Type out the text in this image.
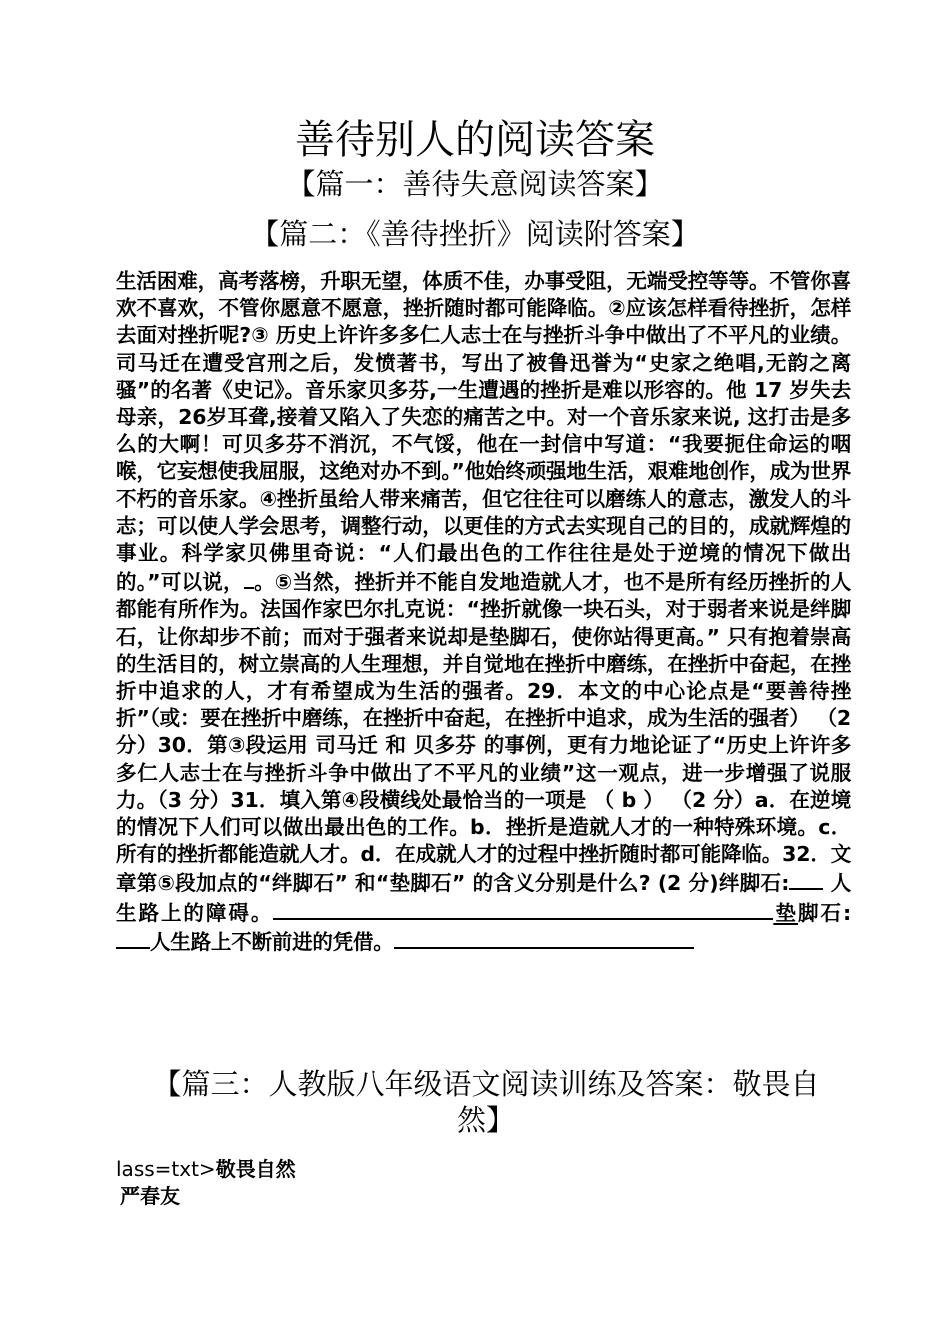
善待别人的阅读答案
【篇一：善待失意阅读答案】
【篇二：《善待挫折》阅读附答案】

生活困难，高考落榜，升职无望，体质不佳，办事受阻，无端受控等等。不管你喜欢不喜欢，不管你愿意不愿意，挫折随时都可能降临。②应该怎样看待挫折，怎样去面对挫折呢?③ 历史上许许多多仁人志士在与挫折斗争中做出了不平凡的业绩。司马迁在遭受宫刑之后，发愤著书，写出了被鲁迅誉为“史家之绝唱,无韵之离骚”的名著《史记》。音乐家贝多芬,一生遭遇的挫折是难以形容的。他 17 岁失去母亲，26岁耳聋,接着又陷入了失恋的痛苦之中。对一个音乐家来说, 这打击是多么的大啊！可贝多芬不消沉，不气馁，他在一封信中写道：“我要扼住命运的咽喉，它妄想使我屈服，这绝对办不到。”他始终顽强地生活，艰难地创作，成为世界不朽的音乐家。④挫折虽给人带来痛苦，但它往往可以磨练人的意志，激发人的斗志；可以使人学会思考，调整行动，以更佳的方式去实现自己的目的，成就辉煌的事业。科学家贝佛里奇说：“人们最出色的工作往往是处于逆境的情况下做出的。”可以说， 。⑤当然，挫折并不能自发地造就人才，也不是所有经历挫折的人都能有所作为。法国作家巴尔扎克说：“挫折就像一块石头，对于弱者来说是绊脚石，让你却步不前；而对于强者来说却是垫脚石，使你站得更高。” 只有抱着崇高的生活目的，树立崇高的人生理想，并自觉地在挫折中磨练，在挫折中奋起，在挫折中追求的人，才有希望成为生活的强者。29．本文的中心论点是“要善待挫折”（或：要在挫折中磨练，在挫折中奋起，在挫折中追求，成为生活的强者） （2分）30．第③段运用 司马迁 和 贝多芬 的事例，更有力地论证了“历史上许许多多仁人志士在与挫折斗争中做出了不平凡的业绩”这一观点，进一步增强了说服力。（3 分）31．填入第④段横线处最恰当的一项是 （ b ） （2 分）a．在逆境的情况下人们可以做出最出色的工作。b．挫折是造就人才的一种特殊环境。c．所有的挫折都能造就人才。d．在成就人才的过程中挫折随时都可能降临。32．文章第⑤段加点的“绊脚石” 和“垫脚石” 的含义分别是什么? (2 分)绊脚石: 人生路上的障碍。	垫脚石:人生路上不断前进的凭借。

【篇三：人教版八年级语文阅读训练及答案：敬畏自然】

lass=txt>敬畏自然

严春友
